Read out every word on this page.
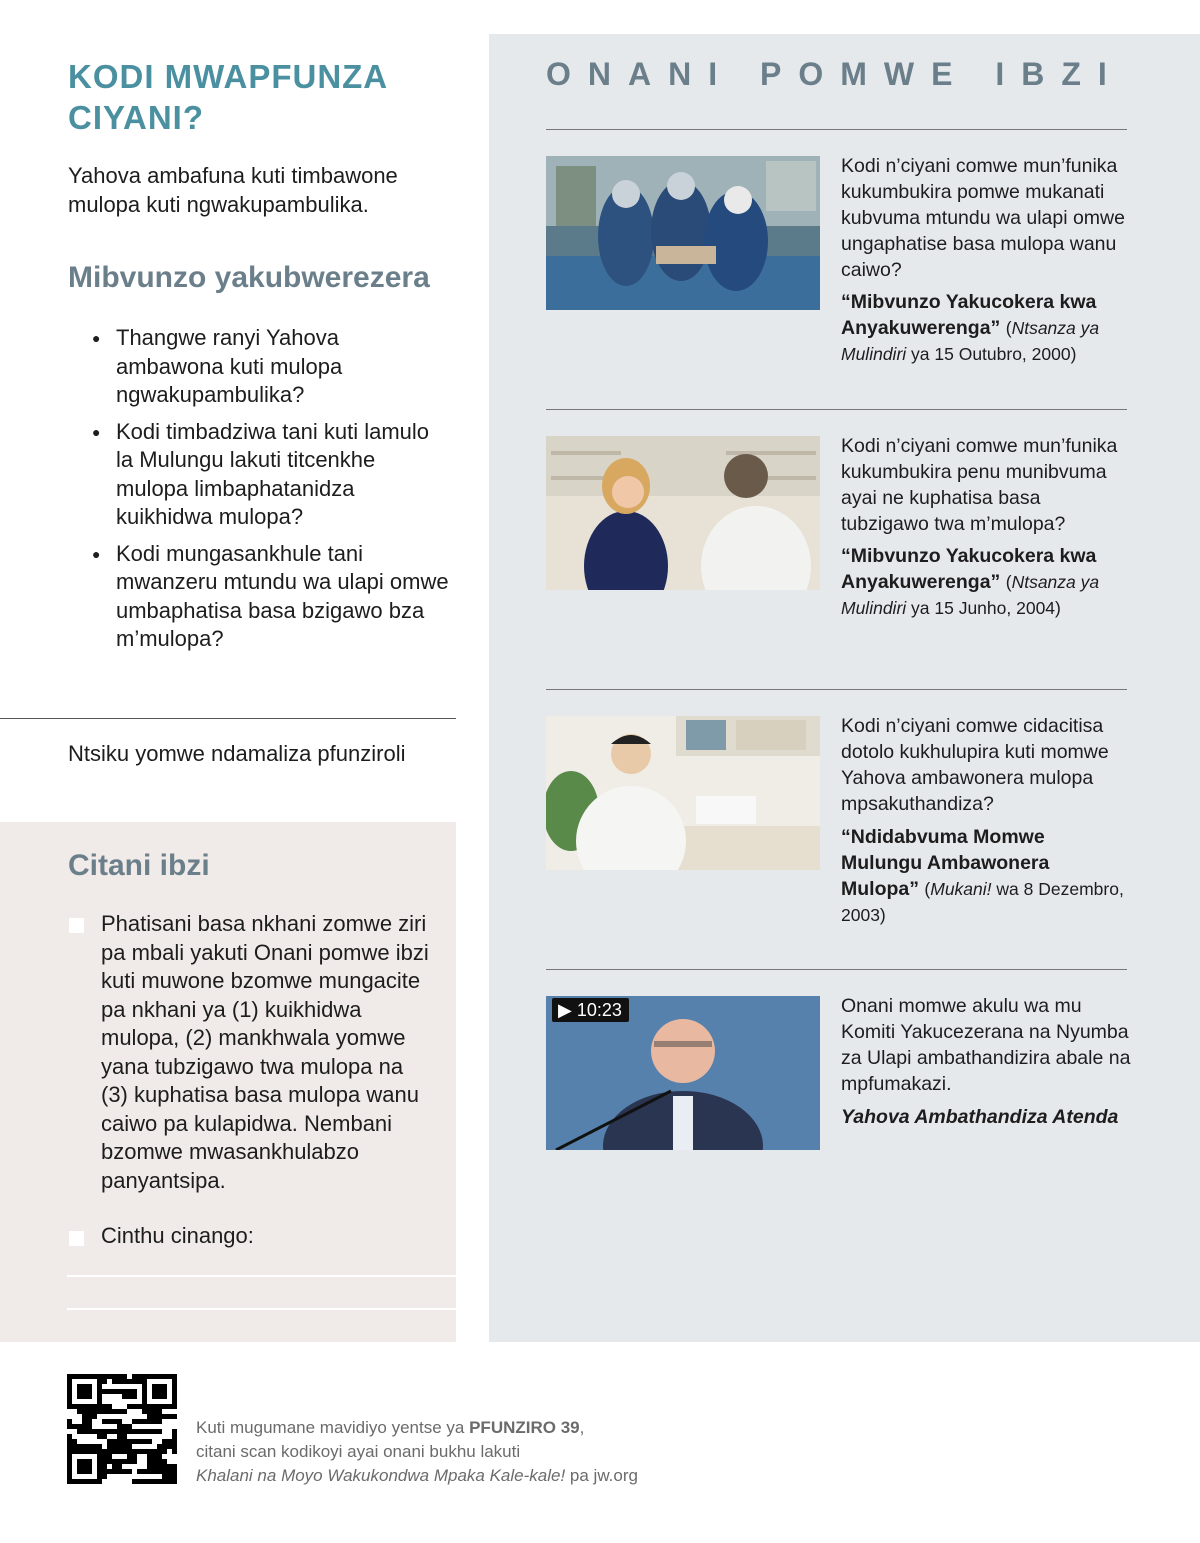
KODI MWAPFUNZA CIYANI?
Yahova ambafuna kuti timbawone mulopa kuti ngwakupambulika.
Mibvunzo yakubwerezera
● Thangwe ranyi Yahova ambawona kuti mulopa ngwakupambulika?
● Kodi timbadziwa tani kuti lamulo la Mulungu lakuti titcenkhe mulopa limbaphatanidza kuikhidwa mulopa?
● Kodi mungasankhule tani mwanzeru mtundu wa ulapi omwe umbaphatisa basa bzigawo bza m’mulopa?
Ntsiku yomwe ndamaliza pfunziroli
Citani ibzi
Phatisani basa nkhani zomwe ziri pa mbali yakuti Onani pomwe ibzi kuti muwone bzomwe mungacite pa nkhani ya (1) kuikhidwa mulopa, (2) mankhwala yomwe yana tubzigawo twa mulopa na (3) kuphatisa basa mulopa wanu caiwo pa kulapidwa. Nembani bzomwe mwasankhulabzo panyantsipa.
Cinthu cinango:
ONANI POMWE IBZI
Kodi n’ciyani comwe mun’funika kukumbukira pomwe mukanati kubvuma mtundu wa ulapi omwe ungaphatise basa mulopa wanu caiwo?
“Mibvunzo Yakucokera kwa Anyakuwerenga” (Ntsanza ya Mulindiri ya 15 Outubro, 2000)
Kodi n’ciyani comwe mun’funika kukumbukira penu munibvuma ayai ne kuphatisa basa tubzigawo twa m’mulopa?
“Mibvunzo Yakucokera kwa Anyakuwerenga” (Ntsanza ya Mulindiri ya 15 Junho, 2004)
Kodi n’ciyani comwe cidacitisa dotolo kukhulupira kuti momwe Yahova ambawonera mulopa mpsakuthandiza?
“Ndidabvuma Momwe Mulungu Ambawonera Mulopa” (Mukani! wa 8 Dezembro, 2003)
▶ 10:23	Onani momwe akulu wa mu Komiti Yakucezerana na Nyumba za Ulapi ambathandizira abale na mpfumakazi.
Yahova Ambathandiza Atenda
Kuti mugumane mavidiyo yentse ya PFUNZIRO 39,
citani scan kodikoyi ayai onani bukhu lakuti
Khalani na Moyo Wakukondwa Mpaka Kale-kale! pa jw.org
